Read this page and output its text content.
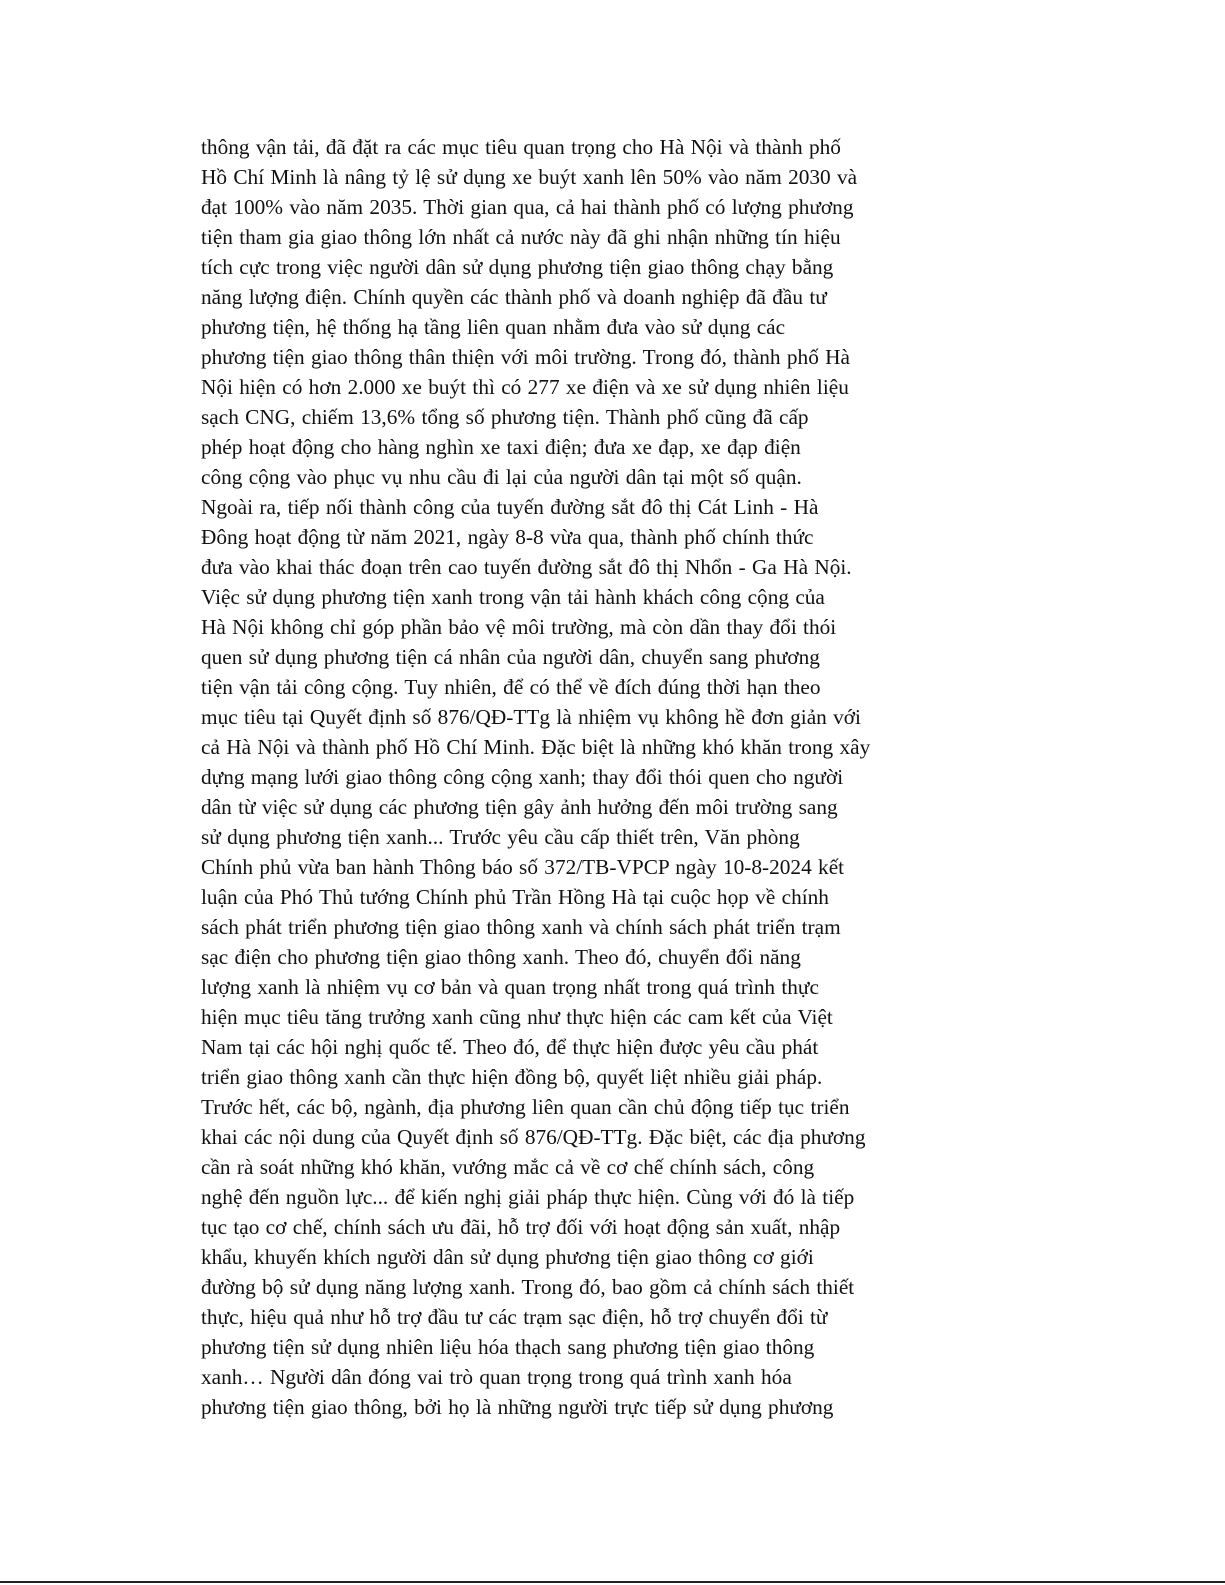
thông vận tải, đã đặt ra các mục tiêu quan trọng cho Hà Nội và thành phố
Hồ Chí Minh là nâng tỷ lệ sử dụng xe buýt xanh lên 50% vào năm 2030 và
đạt 100% vào năm 2035. Thời gian qua, cả hai thành phố có lượng phương
tiện tham gia giao thông lớn nhất cả nước này đã ghi nhận những tín hiệu
tích cực trong việc người dân sử dụng phương tiện giao thông chạy bằng
năng lượng điện. Chính quyền các thành phố và doanh nghiệp đã đầu tư
phương tiện, hệ thống hạ tầng liên quan nhằm đưa vào sử dụng các
phương tiện giao thông thân thiện với môi trường. Trong đó, thành phố Hà
Nội hiện có hơn 2.000 xe buýt thì có 277 xe điện và xe sử dụng nhiên liệu
sạch CNG, chiếm 13,6% tổng số phương tiện. Thành phố cũng đã cấp
phép hoạt động cho hàng nghìn xe taxi điện; đưa xe đạp, xe đạp điện
công cộng vào phục vụ nhu cầu đi lại của người dân tại một số quận.
Ngoài ra, tiếp nối thành công của tuyến đường sắt đô thị Cát Linh - Hà
Đông hoạt động từ năm 2021, ngày 8-8 vừa qua, thành phố chính thức
đưa vào khai thác đoạn trên cao tuyến đường sắt đô thị Nhổn - Ga Hà Nội.
Việc sử dụng phương tiện xanh trong vận tải hành khách công cộng của
Hà Nội không chỉ góp phần bảo vệ môi trường, mà còn dần thay đổi thói
quen sử dụng phương tiện cá nhân của người dân, chuyển sang phương
tiện vận tải công cộng. Tuy nhiên, để có thể về đích đúng thời hạn theo
mục tiêu tại Quyết định số 876/QĐ-TTg là nhiệm vụ không hề đơn giản với
cả Hà Nội và thành phố Hồ Chí Minh. Đặc biệt là những khó khăn trong xây
dựng mạng lưới giao thông công cộng xanh; thay đổi thói quen cho người
dân từ việc sử dụng các phương tiện gây ảnh hưởng đến môi trường sang
sử dụng phương tiện xanh... Trước yêu cầu cấp thiết trên, Văn phòng
Chính phủ vừa ban hành Thông báo số 372/TB-VPCP ngày 10-8-2024 kết
luận của Phó Thủ tướng Chính phủ Trần Hồng Hà tại cuộc họp về chính
sách phát triển phương tiện giao thông xanh và chính sách phát triển trạm
sạc điện cho phương tiện giao thông xanh. Theo đó, chuyển đổi năng
lượng xanh là nhiệm vụ cơ bản và quan trọng nhất trong quá trình thực
hiện mục tiêu tăng trưởng xanh cũng như thực hiện các cam kết của Việt
Nam tại các hội nghị quốc tế. Theo đó, để thực hiện được yêu cầu phát
triển giao thông xanh cần thực hiện đồng bộ, quyết liệt nhiều giải pháp.
Trước hết, các bộ, ngành, địa phương liên quan cần chủ động tiếp tục triển
khai các nội dung của Quyết định số 876/QĐ-TTg. Đặc biệt, các địa phương
cần rà soát những khó khăn, vướng mắc cả về cơ chế chính sách, công
nghệ đến nguồn lực... để kiến nghị giải pháp thực hiện. Cùng với đó là tiếp
tục tạo cơ chế, chính sách ưu đãi, hỗ trợ đối với hoạt động sản xuất, nhập
khẩu, khuyến khích người dân sử dụng phương tiện giao thông cơ giới
đường bộ sử dụng năng lượng xanh. Trong đó, bao gồm cả chính sách thiết
thực, hiệu quả như hỗ trợ đầu tư các trạm sạc điện, hỗ trợ chuyển đổi từ
phương tiện sử dụng nhiên liệu hóa thạch sang phương tiện giao thông
xanh… Người dân đóng vai trò quan trọng trong quá trình xanh hóa
phương tiện giao thông, bởi họ là những người trực tiếp sử dụng phương
